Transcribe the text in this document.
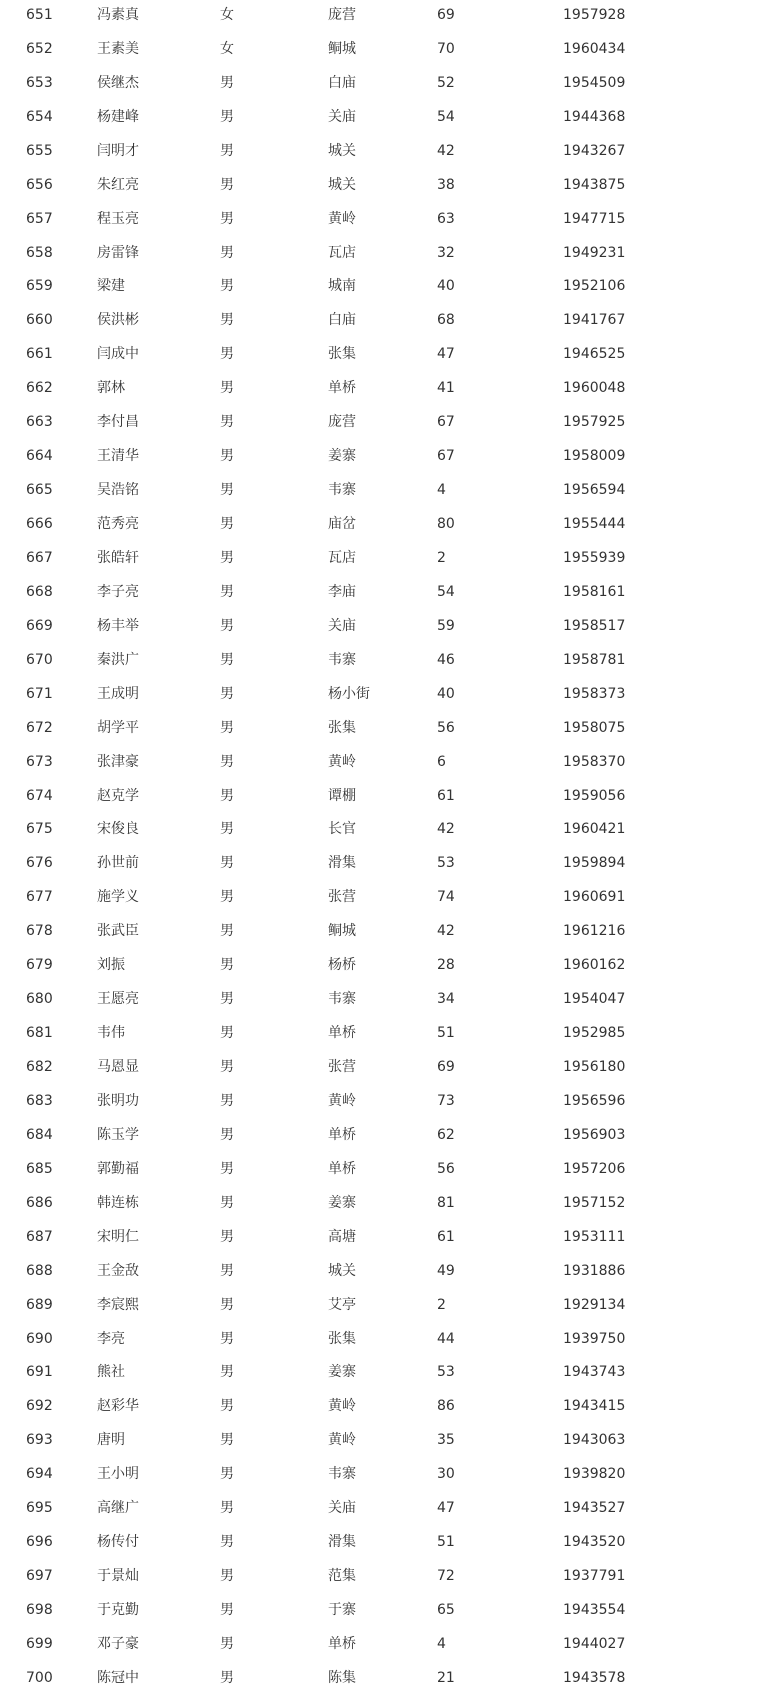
651	冯素真	女	庞营	69	1957928
652	王素美	女	鲖城	70	1960434
653	侯继杰	男	白庙	52	1954509
654	杨建峰	男	关庙	54	1944368
655	闫明才	男	城关	42	1943267
656	朱红亮	男	城关	38	1943875
657	程玉亮	男	黄岭	63	1947715
658	房雷锋	男	瓦店	32	1949231
659	梁建	男	城南	40	1952106
660	侯洪彬	男	白庙	68	1941767
661	闫成中	男	张集	47	1946525
662	郭林	男	单桥	41	1960048
663	李付昌	男	庞营	67	1957925
664	王清华	男	姜寨	67	1958009
665	吴浩铭	男	韦寨	4	1956594
666	范秀亮	男	庙岔	80	1955444
667	张皓轩	男	瓦店	2	1955939
668	李子亮	男	李庙	54	1958161
669	杨丰举	男	关庙	59	1958517
670	秦洪广	男	韦寨	46	1958781
671	王成明	男	杨小街	40	1958373
672	胡学平	男	张集	56	1958075
673	张津豪	男	黄岭	6	1958370
674	赵克学	男	谭棚	61	1959056
675	宋俊良	男	长官	42	1960421
676	孙世前	男	滑集	53	1959894
677	施学义	男	张营	74	1960691
678	张武臣	男	鲖城	42	1961216
679	刘振	男	杨桥	28	1960162
680	王愿亮	男	韦寨	34	1954047
681	韦伟	男	单桥	51	1952985
682	马恩显	男	张营	69	1956180
683	张明功	男	黄岭	73	1956596
684	陈玉学	男	单桥	62	1956903
685	郭勤福	男	单桥	56	1957206
686	韩连栋	男	姜寨	81	1957152
687	宋明仁	男	高塘	61	1953111
688	王金敌	男	城关	49	1931886
689	李宸熙	男	艾亭	2	1929134
690	李亮	男	张集	44	1939750
691	熊社	男	姜寨	53	1943743
692	赵彩华	男	黄岭	86	1943415
693	唐明	男	黄岭	35	1943063
694	王小明	男	韦寨	30	1939820
695	高继广	男	关庙	47	1943527
696	杨传付	男	滑集	51	1943520
697	于景灿	男	范集	72	1937791
698	于克勤	男	于寨	65	1943554
699	邓子豪	男	单桥	4	1944027
700	陈冠中	男	陈集	21	1943578
